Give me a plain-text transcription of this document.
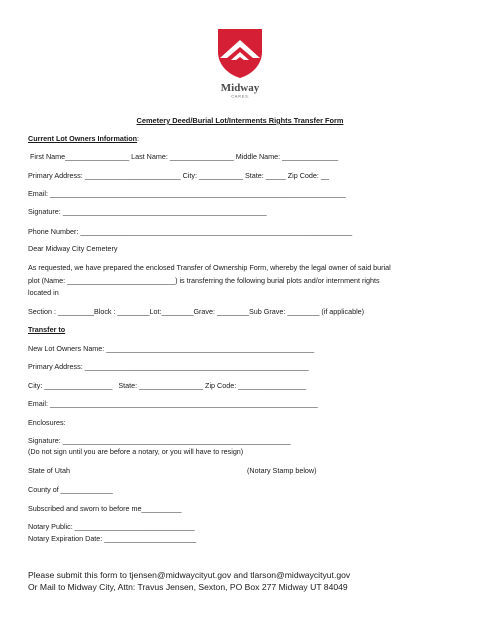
Midway
C.A.R.E.S.
Cemetery Deed/Burial Lot/Interments Rights Transfer Form
Current Lot Owners Information:
First Name________________ Last Name: ________________ Middle Name: ______________
Primary Address: ________________________ City: ___________ State: _____ Zip Code: __
Email: __________________________________________________________________________
Signature: ___________________________________________________
Phone Number: ____________________________________________________________________
Dear Midway City Cemetery
As requested, we have prepared the enclosed Transfer of Ownership Form, whereby the legal owner of said burial
plot (Name: ___________________________) is transferring the following burial plots and/or internment rights
located in
Section : _________Block : ________Lot:________Grave: ________Sub Grave: ________ (if applicable)
Transfer to
New Lot Owners Name: ____________________________________________________
Primary Address: ________________________________________________________
City: _________________   State: ________________ Zip Code: _________________
Email: ___________________________________________________________________
Enclosures:
Signature: _________________________________________________________
(Do not sign until you are before a notary, or you will have to resign)
State of Utah	(Notary Stamp below)
County of _____________
Subscribed and sworn to before me__________
Notary Public: ______________________________
Notary Expiration Date: _______________________
Please submit this form to tjensen@midwaycityut.gov and tlarson@midwaycityut.gov
Or Mail to Midway City, Attn: Travus Jensen, Sexton, PO Box 277 Midway UT 84049
